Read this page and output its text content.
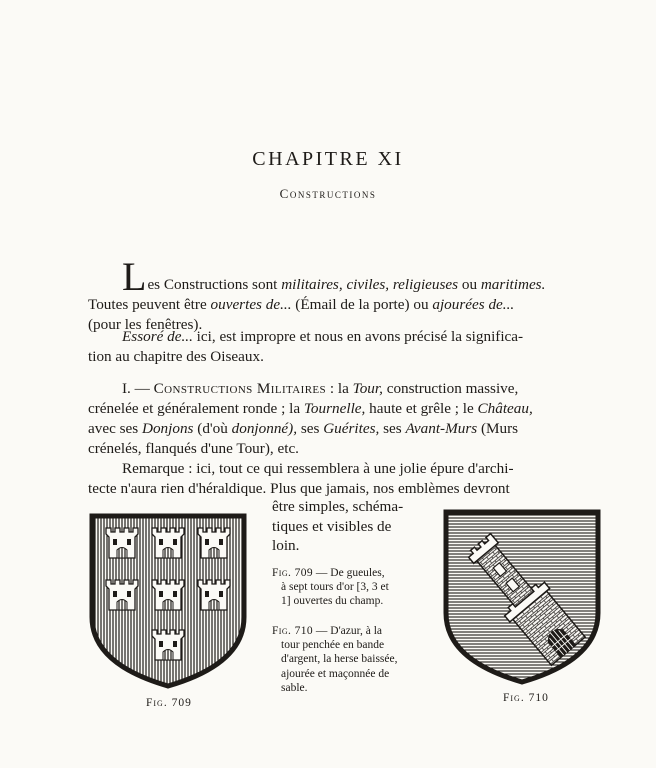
CHAPITRE XI
Constructions
Les Constructions sont militaires, civiles, religieuses ou maritimes.
Toutes peuvent être ouvertes de... (Émail de la porte) ou ajourées de...
(pour les fenêtres).
Essoré de... ici, est impropre et nous en avons précisé la significa-
tion au chapitre des Oiseaux.
I. — Constructions Militaires : la Tour, construction massive,
crénelée et généralement ronde ; la Tournelle, haute et grêle ; le Château,
avec ses Donjons (d'où donjonné), ses Guérites, ses Avant-Murs (Murs
crénelés, flanqués d'une Tour), etc.
Remarque : ici, tout ce qui ressemblera à une jolie épure d'archi-
tecte n'aura rien d'héraldique. Plus que jamais, nos emblèmes devront
être simples, schéma-
tiques et visibles de
loin.
Fig. 709 — De gueules,
à sept tours d'or [3, 3 et
1] ouvertes du champ.
Fig. 710 — D'azur, à la
tour penchée en bande
d'argent, la herse baissée,
ajourée et maçonnée de
sable.
Fig. 709	Fig. 710
